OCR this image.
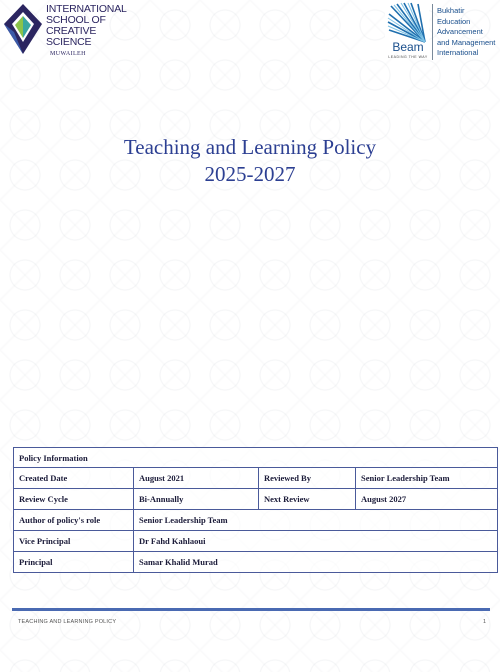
INTERNATIONAL
SCHOOL OF
CREATIVE
SCIENCE
MUWAILEH	Beam
LEADING THE WAY
Bukhatir
Education
Advancement
and Management
International
Teaching and Learning Policy
2025-2027
Policy Information			
Created Date	August 2021	Reviewed By	Senior Leadership Team
Review Cycle	Bi-Annually	Next Review	August 2027
Author of policy's role	Senior Leadership Team		
Vice Principal	Dr Fahd Kahlaoui		
Principal	Samar Khalid Murad		
TEACHING AND LEARNING POLICY	1
